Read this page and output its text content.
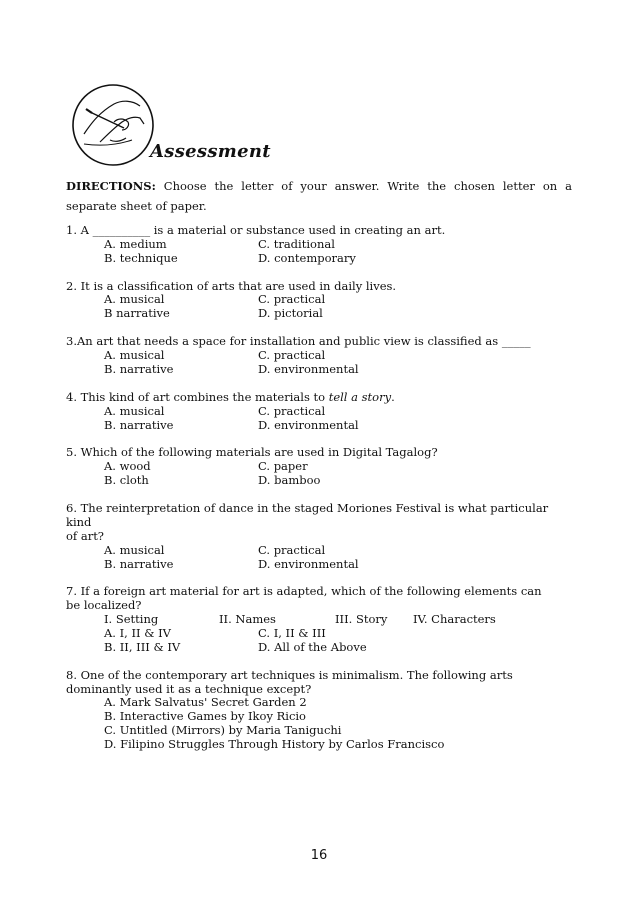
Assessment
DIRECTIONS: Choose the letter of your answer. Write the chosen letter on a separate sheet of paper.
1. A __________ is a material or substance used in creating an art.
A. medium	C. traditional
B. technique	D. contemporary
2. It is a classification of arts that are used in daily lives.
A. musical	C. practical
B narrative	D. pictorial
3.An art that needs a space for installation and public view is classified as _____
A. musical	C. practical
B. narrative	D. environmental
4. This kind of art combines the materials to tell a story.
A. musical	C. practical
B. narrative	D. environmental
5. Which of the following materials are used in Digital Tagalog?
A. wood	C. paper
B. cloth	D. bamboo
6. The reinterpretation of dance in the staged Moriones Festival is what particular kind
of art?
A. musical	C. practical
B. narrative	D. environmental
7. If a foreign art material for art is adapted, which of the following elements can
be localized?
I. Setting	II. Names	III. Story IV. Characters
A. I, II & IV	C. I, II & III
B. II, III & IV	D. All of the Above
8. One of the contemporary art techniques is minimalism. The following arts
dominantly used it as a technique except?
A. Mark Salvatus' Secret Garden 2
B. Interactive Games by Ikoy Ricio
C. Untitled (Mirrors) by Maria Taniguchi
D. Filipino Struggles Through History by Carlos Francisco
16
